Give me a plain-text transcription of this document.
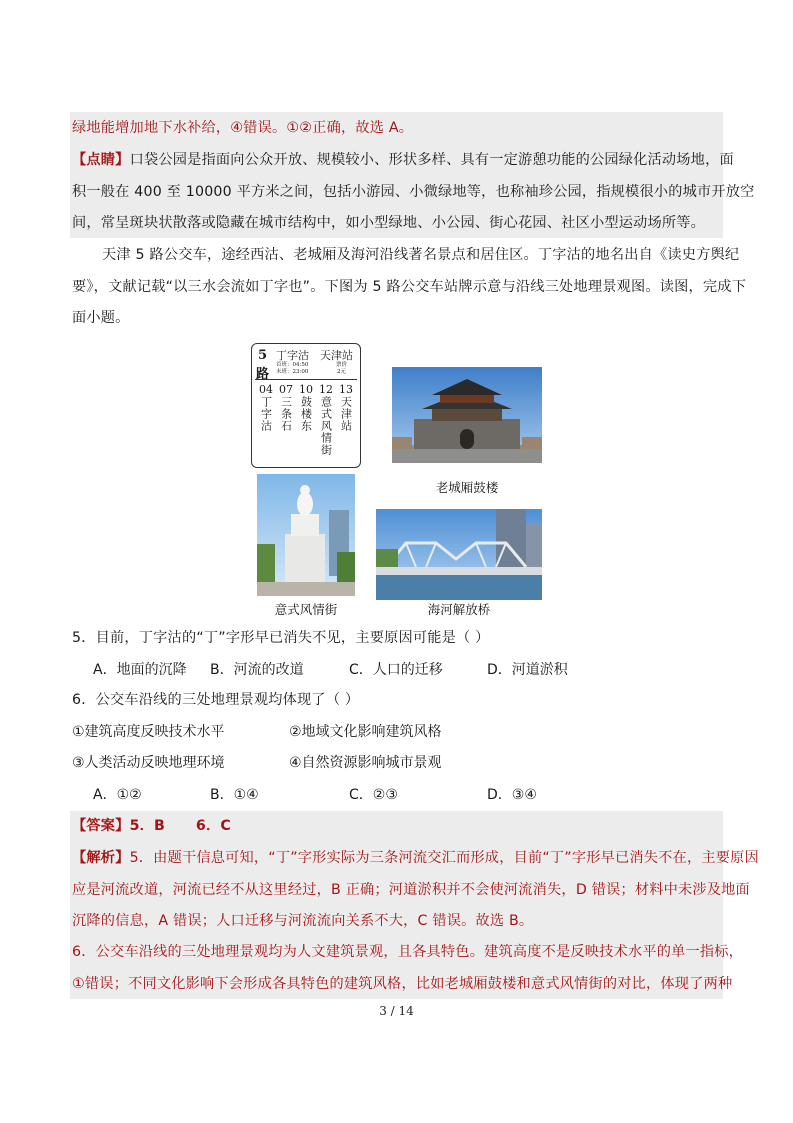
绿地能增加地下水补给，④错误。①②正确，故选 A。
【点睛】口袋公园是指面向公众开放、规模较小、形状多样、具有一定游憩功能的公园绿化活动场地，面
积一般在 400 至 10000 平方米之间，包括小游园、小微绿地等，也称袖珍公园，指规模很小的城市开放空
间，常呈斑块状散落或隐藏在城市结构中，如小型绿地、小公园、街心花园、社区小型运动场所等。
天津 5 路公交车，途经西沽、老城厢及海河沿线著名景点和居住区。丁字沽的地名出自《读史方舆纪
要》，文献记载“以三水会流如丁字也”。下图为 5 路公交车站牌示意与沿线三处地理景观图。读图，完成下
面小题。
5
路
丁字沽 天津站
首班：04:50
末班：23:00
票价
2元
04
丁字沽
07
三条石
10
鼓楼东
12
意式风情街
13
天津站
老城厢鼓楼
意式风情街	海河解放桥
5．目前，丁字沽的“丁”字形早已消失不见，主要原因可能是（ ）
A．地面的沉降 B．河流的改道	C．人口的迁移	D．河道淤积
6．公交车沿线的三处地理景观均体现了（ ）
①建筑高度反映技术水平	②地域文化影响建筑风格
③人类活动反映地理环境	④自然资源影响城市景观
A．①②	B．①④	C．②③	D．③④
【答案】5．B      6．C
【解析】5．由题干信息可知，“丁”字形实际为三条河流交汇而形成，目前“丁”字形早已消失不在，主要原因
应是河流改道，河流已经不从这里经过，B 正确；河道淤积并不会使河流消失，D 错误；材料中未涉及地面
沉降的信息，A 错误；人口迁移与河流流向关系不大，C 错误。故选 B。
6．公交车沿线的三处地理景观均为人文建筑景观，且各具特色。建筑高度不是反映技术水平的单一指标，
①错误；不同文化影响下会形成各具特色的建筑风格，比如老城厢鼓楼和意式风情街的对比，体现了两种
3 / 14
